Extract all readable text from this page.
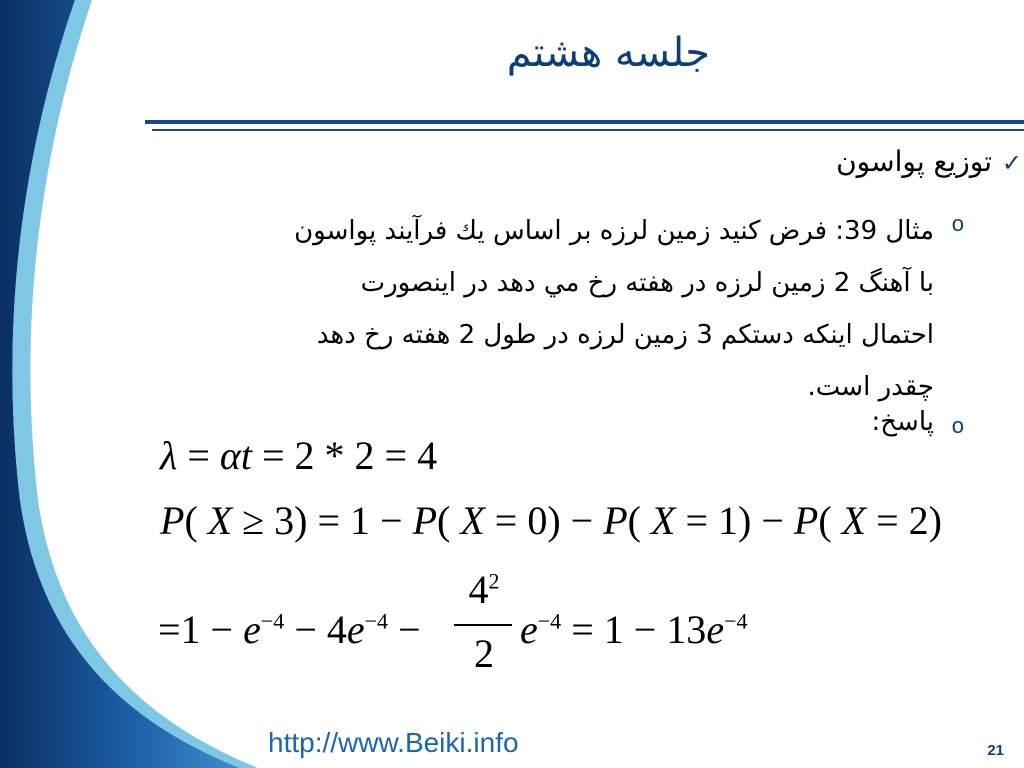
جلسه هشتم
توزيع پواسون ✓
o
مثال 39: فرض كنيد زمين لرزه بر اساس يك فرآيند پواسون
با آهنگ 2 زمين لرزه در هفته رخ مي دهد در اينصورت
احتمال اينكه دستكم 3 زمين لرزه در طول 2 هفته رخ دهد
چقدر است.
o
پاسخ:
λ = αt = 2 * 2 = 4
P( X ≥ 3) = 1 − P( X = 0) − P( X = 1) − P( X = 2)
$=1 - e^{-4} - 4e^{-4}$ −
$4^2$
2
$e^{-4} = 1 - 13e^{-4}$
http://www.Beiki.info	21
